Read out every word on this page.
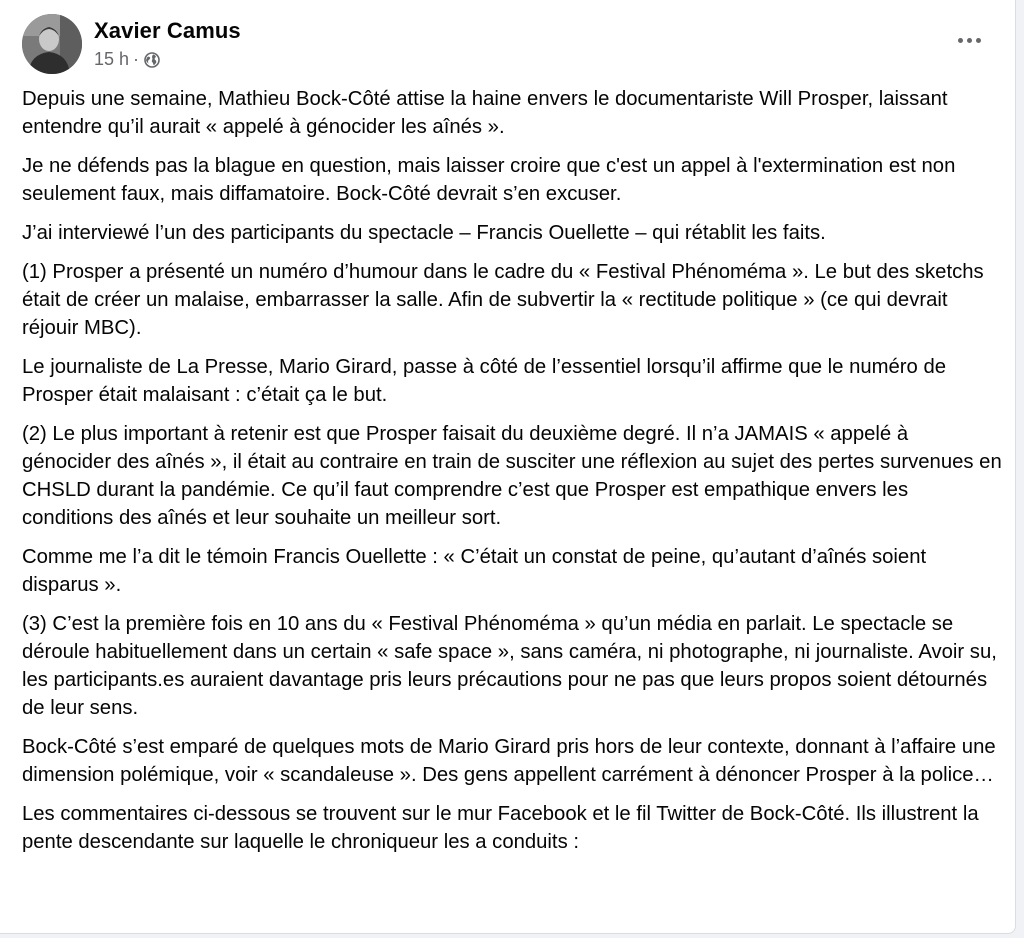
Xavier Camus
15 h ·

Depuis une semaine, Mathieu Bock-Côté attise la haine envers le documentariste Will Prosper, laissant entendre qu’il aurait « appelé à génocider les aînés ».

Je ne défends pas la blague en question, mais laisser croire que c'est un appel à l'extermination est non seulement faux, mais diffamatoire. Bock-Côté devrait s’en excuser.

J’ai interviewé l’un des participants du spectacle – Francis Ouellette – qui rétablit les faits.

(1) Prosper a présenté un numéro d’humour dans le cadre du « Festival Phénoméma ». Le but des sketchs était de créer un malaise, embarrasser la salle. Afin de subvertir la « rectitude politique » (ce qui devrait réjouir MBC).

Le journaliste de La Presse, Mario Girard, passe à côté de l’essentiel lorsqu’il affirme que le numéro de Prosper était malaisant : c’était ça le but.

(2) Le plus important à retenir est que Prosper faisait du deuxième degré. Il n’a JAMAIS « appelé à génocider des aînés », il était au contraire en train de susciter une réflexion au sujet des pertes survenues en CHSLD durant la pandémie. Ce qu’il faut comprendre c’est que Prosper est empathique envers les conditions des aînés et leur souhaite un meilleur sort.

Comme me l’a dit le témoin Francis Ouellette : « C’était un constat de peine, qu’autant d’aînés soient disparus ».

(3) C’est la première fois en 10 ans du « Festival Phénoméma » qu’un média en parlait. Le spectacle se déroule habituellement dans un certain « safe space », sans caméra, ni photographe, ni journaliste. Avoir su, les participants.es auraient davantage pris leurs précautions pour ne pas que leurs propos soient détournés de leur sens.

Bock-Côté s’est emparé de quelques mots de Mario Girard pris hors de leur contexte, donnant à l’affaire une dimension polémique, voir « scandaleuse ». Des gens appellent carrément à dénoncer Prosper à la police…

Les commentaires ci-dessous se trouvent sur le mur Facebook et le fil Twitter de Bock-Côté. Ils illustrent la pente descendante sur laquelle le chroniqueur les a conduits :
